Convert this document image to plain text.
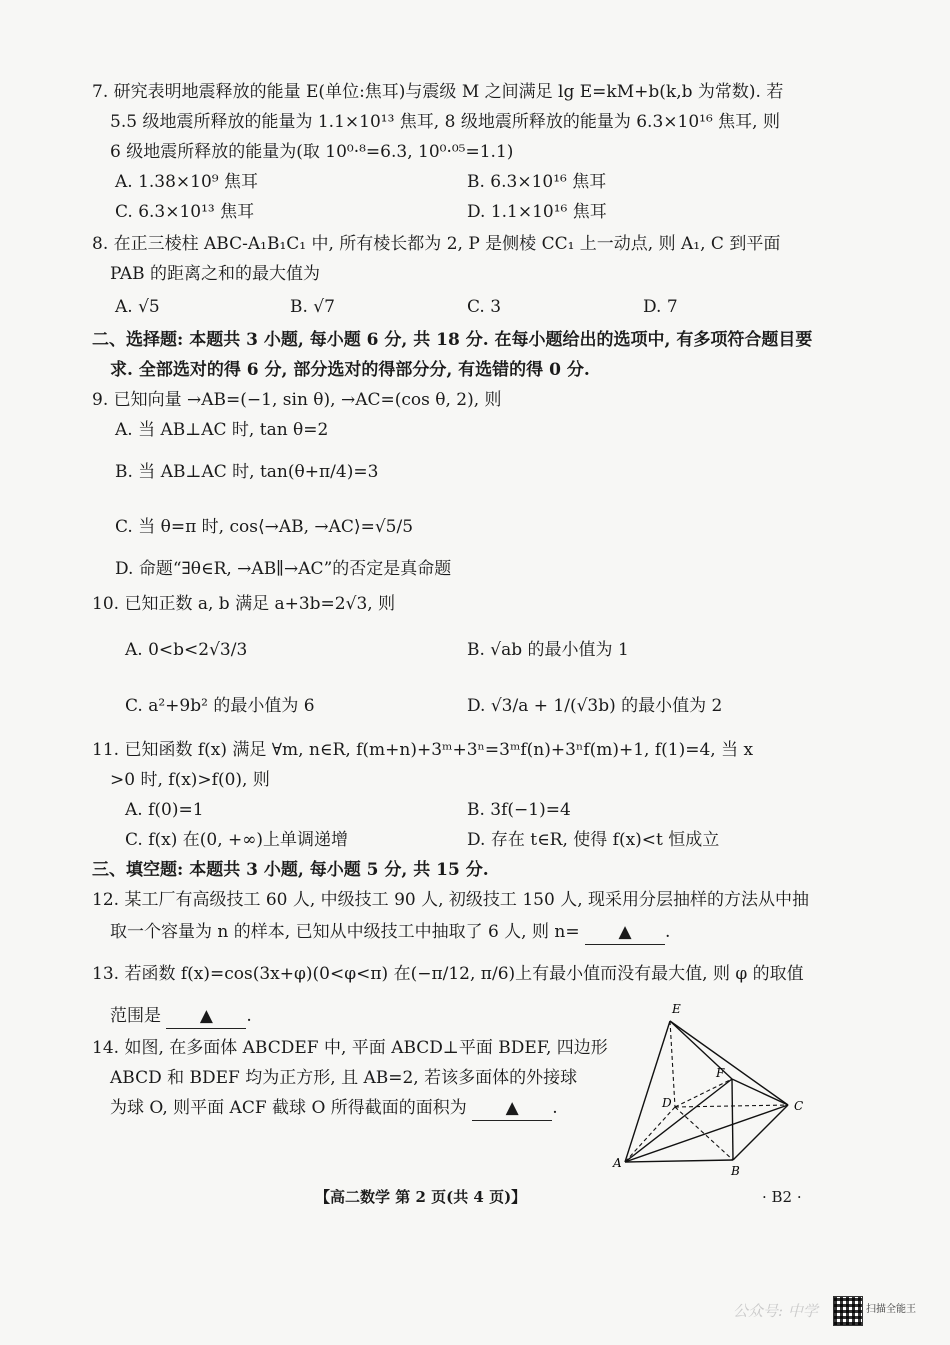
7. 研究表明地震释放的能量 E(单位:焦耳)与震级 M 之间满足 lg E=kM+b(k,b 为常数). 若
5.5 级地震所释放的能量为 1.1×10¹³ 焦耳, 8 级地震所释放的能量为 6.3×10¹⁶ 焦耳, 则
6 级地震所释放的能量为(取 10⁰·⁸=6.3, 10⁰·⁰⁵=1.1)
A. 1.38×10⁹ 焦耳	B. 6.3×10¹⁶ 焦耳
C. 6.3×10¹³ 焦耳	D. 1.1×10¹⁶ 焦耳
8. 在正三棱柱 ABC-A₁B₁C₁ 中, 所有棱长都为 2, P 是侧棱 CC₁ 上一动点, 则 A₁, C 到平面
PAB 的距离之和的最大值为
A. √5	B. √7	C. 3	D. 7
二、选择题: 本题共 3 小题, 每小题 6 分, 共 18 分. 在每小题给出的选项中, 有多项符合题目要
求. 全部选对的得 6 分, 部分选对的得部分分, 有选错的得 0 分.
9. 已知向量 →AB=(−1, sin θ), →AC=(cos θ, 2), 则
A. 当 AB⊥AC 时, tan θ=2
B. 当 AB⊥AC 时, tan(θ+π/4)=3
C. 当 θ=π 时, cos⟨→AB, →AC⟩=√5/5
D. 命题“∃θ∈R, →AB∥→AC”的否定是真命题
10. 已知正数 a, b 满足 a+3b=2√3, 则
A. 0<b<2√3/3	B. √ab 的最小值为 1
C. a²+9b² 的最小值为 6	D. √3/a + 1/(√3b) 的最小值为 2
11. 已知函数 f(x) 满足 ∀m, n∈R, f(m+n)+3ᵐ+3ⁿ=3ᵐf(n)+3ⁿf(m)+1, f(1)=4, 当 x
>0 时, f(x)>f(0), 则
A. f(0)=1	B. 3f(−1)=4
C. f(x) 在(0, +∞)上单调递增	D. 存在 t∈R, 使得 f(x)<t 恒成立
三、填空题: 本题共 3 小题, 每小题 5 分, 共 15 分.
12. 某工厂有高级技工 60 人, 中级技工 90 人, 初级技工 150 人, 现采用分层抽样的方法从中抽
取一个容量为 n 的样本, 已知从中级技工中抽取了 6 人, 则 n= ▲ .
13. 若函数 f(x)=cos(3x+φ)(0<φ<π) 在(−π/12, π/6)上有最小值而没有最大值, 则 φ 的取值
范围是 ▲ .
14. 如图, 在多面体 ABCDEF 中, 平面 ABCD⊥平面 BDEF, 四边形
ABCD 和 BDEF 均为正方形, 且 AB=2, 若该多面体的外接球
为球 O, 则平面 ACF 截球 O 所得截面的面积为 ▲ .
E
F
D	C
A
B
【高二数学 第 2 页(共 4 页)】	· B2 ·
公众号: 中学	扫描全能王
